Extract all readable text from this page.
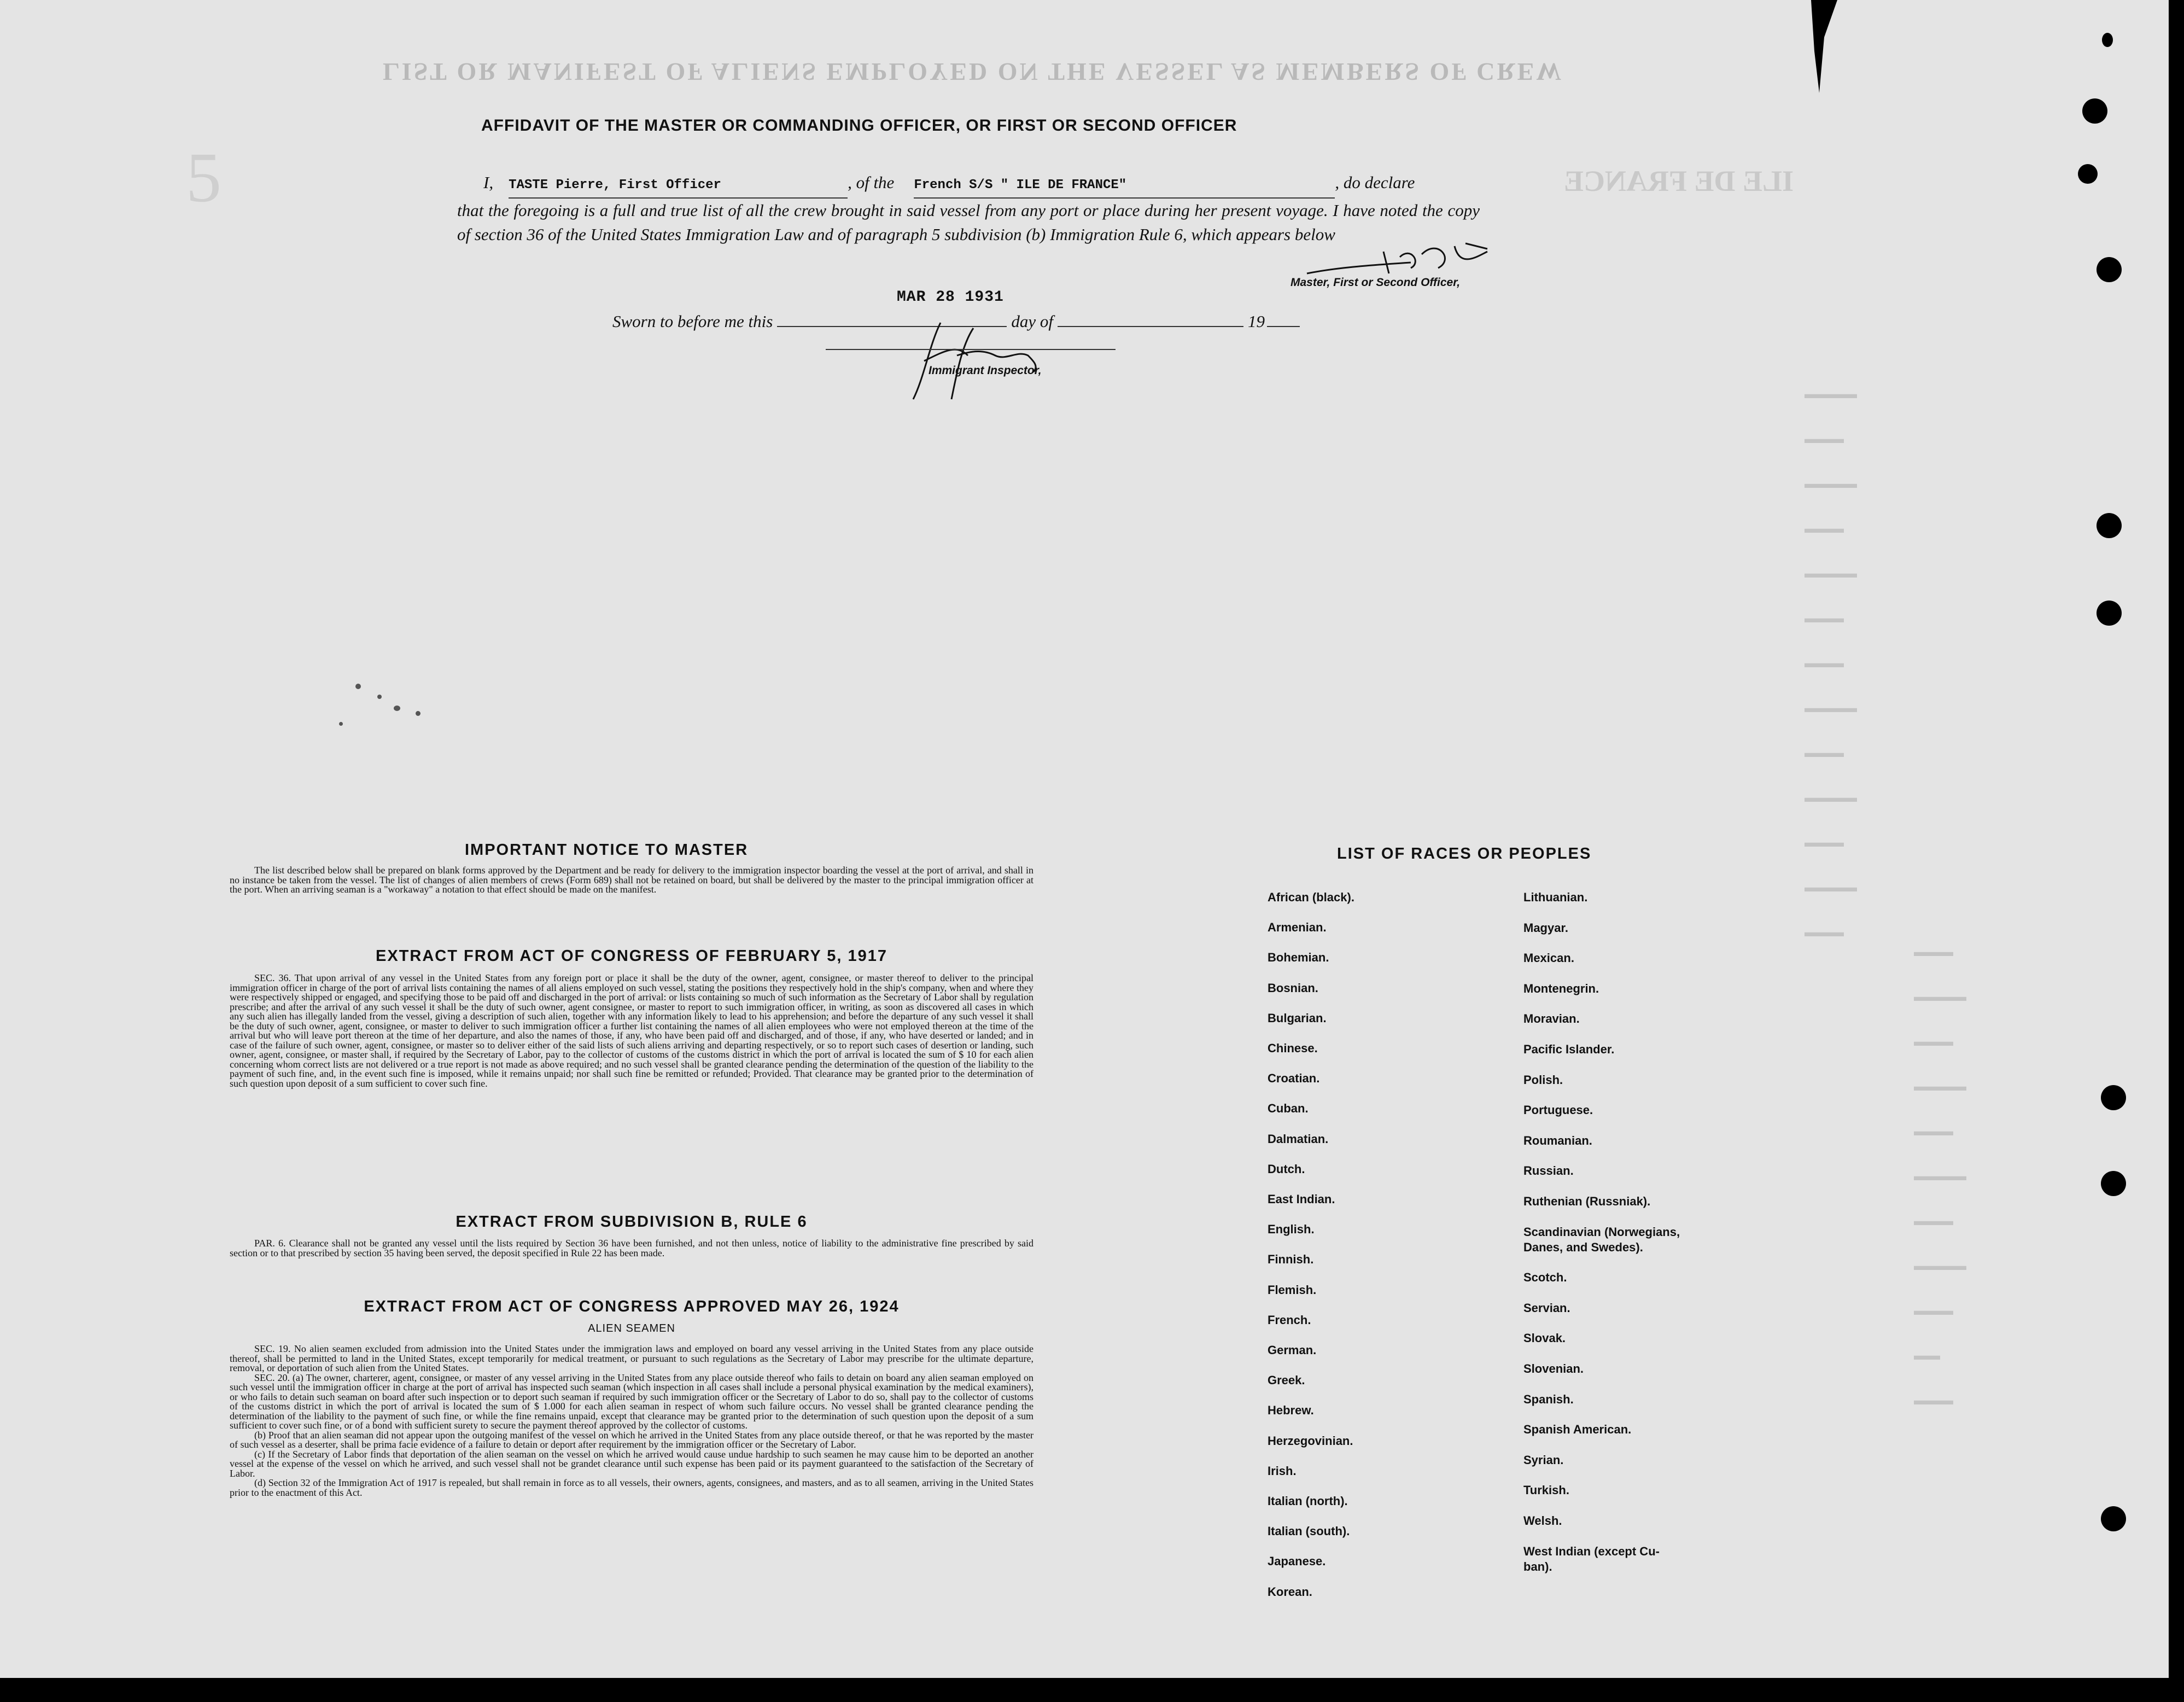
LIST OR MANIFEST OF ALIENS EMPLOYED ON THE VESSEL AS MEMBERS OF CREW
ILE DE FRANCE
5
▬▬▬▬
▬▬▬
▬▬▬▬
▬▬▬
▬▬▬▬
▬▬▬
▬▬▬
▬▬▬▬
▬▬▬
▬▬▬▬
▬▬▬
▬▬▬▬
▬▬▬
▬▬▬
▬▬▬▬
▬▬▬
▬▬▬▬
▬▬▬
▬▬▬▬
▬▬▬
▬▬▬▬
▬▬▬
▬▬
▬▬▬
AFFIDAVIT OF THE MASTER OR COMMANDING OFFICER, OR FIRST OR SECOND OFFICER
I, TASTE Pierre, First Officer	, of the French S/S " ILE DE FRANCE"	, do declare
that the foregoing is a full and true list of all the crew brought in said vessel from any port or place during her present voyage. I have noted the copy of section 36 of the United States Immigration Law and of paragraph 5 subdivision (b) Immigration Rule 6, which appears below
Master, First or Second Officer,
MAR 28 1931
Sworn to before me this	day of	19
Immigrant Inspector,
IMPORTANT NOTICE TO MASTER

The list described below shall be prepared on blank forms approved by the Department and be ready for delivery to the immigration inspector boarding the vessel at the port of arrival, and shall in no instance be taken from the vessel. The list of changes of alien members of crews (Form 689) shall not be retained on board, but shall be delivered by the master to the principal immigration officer at the port. When an arriving seaman is a "workaway" a notation to that effect should be made on the manifest.

EXTRACT FROM ACT OF CONGRESS OF FEBRUARY 5, 1917

SEC. 36. That upon arrival of any vessel in the United States from any foreign port or place it shall be the duty of the owner, agent, consignee, or master thereof to deliver to the principal immigration officer in charge of the port of arrival lists containing the names of all aliens employed on such vessel, stating the positions they respectively hold in the ship's company, when and where they were respectively shipped or engaged, and specifying those to be paid off and discharged in the port of arrival: or lists containing so much of such information as the Secretary of Labor shall by regulation prescribe; and after the arrival of any such vessel it shall be the duty of such owner, agent consignee, or master to report to such immigration officer, in writing, as soon as discovered all cases in which any such alien has illegally landed from the vessel, giving a description of such alien, together with any information likely to lead to his apprehension; and before the departure of any such vessel it shall be the duty of such owner, agent, consignee, or master to deliver to such immigration officer a further list containing the names of all alien employees who were not employed thereon at the time of the arrival but who will leave port thereon at the time of her departure, and also the names of those, if any, who have been paid off and discharged, and of those, if any, who have deserted or landed; and in case of the failure of such owner, agent, consignee, or master so to deliver either of the said lists of such aliens arriving and departing respectively, or so to report such cases of desertion or landing, such owner, agent, consignee, or master shall, if required by the Secretary of Labor, pay to the collector of customs of the customs district in which the port of arrival is located the sum of $ 10 for each alien concerning whom correct lists are not delivered or a true report is not made as above required; and no such vessel shall be granted clearance pending the determination of the question of the liability to the payment of such fine, and, in the event such fine is imposed, while it remains unpaid; nor shall such fine be remitted or refunded; Provided. That clearance may be granted prior to the determination of such question upon deposit of a sum sufficient to cover such fine.

EXTRACT FROM SUBDIVISION B, RULE 6

PAR. 6. Clearance shall not be granted any vessel until the lists required by Section 36 have been furnished, and not then unless, notice of liability to the administrative fine prescribed by said section or to that prescribed by section 35 having been served, the deposit specified in Rule 22 has been made.

EXTRACT FROM ACT OF CONGRESS APPROVED MAY 26, 1924
ALIEN SEAMEN

SEC. 19. No alien seamen excluded from admission into the United States under the immigration laws and employed on board any vessel arriving in the United States from any place outside thereof, shall be permitted to land in the United States, except temporarily for medical treatment, or pursuant to such regulations as the Secretary of Labor may prescribe for the ultimate departure, removal, or deportation of such alien from the United States.

SEC. 20. (a) The owner, charterer, agent, consignee, or master of any vessel arriving in the United States from any place outside thereof who fails to detain on board any alien seaman employed on such vessel until the immigration officer in charge at the port of arrival has inspected such seaman (which inspection in all cases shall include a personal physical examination by the medical examiners), or who fails to detain such seaman on board after such inspection or to deport such seaman if required by such immigration officer or the Secretary of Labor to do so, shall pay to the collector of customs of the customs district in which the port of arrival is located the sum of $ 1.000 for each alien seaman in respect of whom such failure occurs. No vessel shall be granted clearance pending the determination of the liability to the payment of such fine, or while the fine remains unpaid, except that clearance may be granted prior to the determination of such question upon the deposit of a sum sufficient to cover such fine, or of a bond with sufficient surety to secure the payment thereof approved by the collector of customs.

(b) Proof that an alien seaman did not appear upon the outgoing manifest of the vessel on which he arrived in the United States from any place outside thereof, or that he was reported by the master of such vessel as a deserter, shall be prima facie evidence of a failure to detain or deport after requirement by the immigration officer or the Secretary of Labor.

(c) If the Secretary of Labor finds that deportation of the alien seaman on the vessel on which he arrived would cause undue hardship to such seamen he may cause him to be deported an another vessel at the expense of the vessel on which he arrived, and such vessel shall not be grandet clearance until such expense has been paid or its payment guaranteed to the satisfaction of the Secretary of Labor.

(d) Section 32 of the Immigration Act of 1917 is repealed, but shall remain in force as to all vessels, their owners, agents, consignees, and masters, and as to all seamen, arriving in the United States prior to the enactment of this Act.

LIST OF RACES OR PEOPLES
African (black).
Armenian.
Bohemian.
Bosnian.
Bulgarian.
Chinese.
Croatian.
Cuban.
Dalmatian.
Dutch.
East Indian.
English.
Finnish.
Flemish.
French.
German.
Greek.
Hebrew.
Herzegovinian.
Irish.
Italian (north).
Italian (south).
Japanese.
Korean.
Lithuanian.
Magyar.
Mexican.
Montenegrin.
Moravian.
Pacific Islander.
Polish.
Portuguese.
Roumanian.
Russian.
Ruthenian (Russniak).
Scandinavian (Norwegians,
Danes, and Swedes).
Scotch.
Servian.
Slovak.
Slovenian.
Spanish.
Spanish American.
Syrian.
Turkish.
Welsh.
West Indian (except Cu-
ban).
